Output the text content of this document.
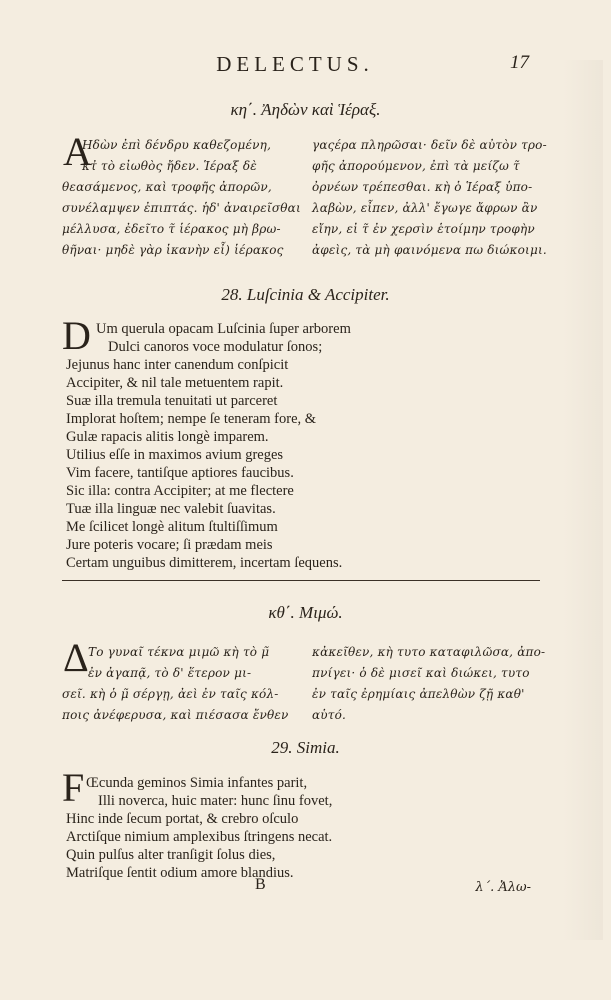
DELECTUS.	17
κη΄. Ἀηδὼν καὶ Ἱέραξ.
Α
Ηδὼν ἐπὶ δένδρυ καθεζομένη,
κτ̓ τὸ εἰωθὸς ἤδεν. Ἱέραξ δὲ
θεασάμενος, καὶ τροφῆς ἀπορῶν,
συνέλαμψεν ἐπιπτάς. ἡδ' ἀναιρεῖσθαι
μέλλυσα, ἐδεῖτο τ̃ ἱέρακος μὴ βρω-
θῆναι· μηδὲ γὰρ ἱκανὴν εἶ) ἱέρακος
γαςέρα πληρῶσαι· δεῖν δὲ αὐτὸν τρο-
φῆς ἀπορούμενον, ἐπὶ τὰ μείζω τ̃
ὀρνέων τρέπεσθαι. κὴ ὁ Ἱέραξ ὑπο-
λαβὼν, εἶπεν, ἀλλ' ἔγωγε ἄφρων ἂν
εἴην, εἰ τ̃ ἐν χερσὶν ἑτοίμην τροφὴν
ἀφεὶς, τὰ μὴ φαινόμενα πω διώκοιμι.
28. Luſcinia & Accipiter.
D Um querula opacam Luſcinia ſuper arborem
Dulci canoros voce modulatur ſonos;
Jejunus hanc inter canendum conſpicit
Accipiter, & nil tale metuentem rapit.
Suæ illa tremula tenuitati ut parceret
Implorat hoſtem; nempe ſe teneram fore, &
Gulæ rapacis alitis longè imparem.
Utilius eſſe in maximos avium greges
Vim facere, tantiſque aptiores faucibus.
Sic illa: contra Accipiter; at me flectere
Tuæ illa linguæ nec valebit ſuavitas.
Me ſcilicet longè alitum ſtultiſſimum
Jure poteris vocare; ſi prædam meis
Certam unguibus dimitterem, incertam ſequens.
κθ΄. Μιμώ.
Δ Το γυναῖ τέκνα μιμῶ κὴ τὸ μ̃
ἐν ἀγαπᾷ, τὸ δ' ἕτερον μι-
σεῖ. κὴ ὁ μ̃ σέργῃ, ἀεὶ ἐν ταῖς κόλ-
ποις ἀνέφερυσα, καὶ πιέσασα ἔνθεν
κἀκεῖθεν, κὴ τυτο καταφιλῶσα, ἀπο-
πνίγει· ὁ δὲ μισεῖ καὶ διώκει, τυτο
ἐν ταῖς ἐρημίαις ἀπελθὼν ζῇ καθ'
αὑτό.
29. Simia.
F Œcunda geminos Simia infantes parit,
Illi noverca, huic mater: hunc ſinu fovet,
Hinc inde ſecum portat, & crebro oſculo
Arctiſque nimium amplexibus ſtringens necat.
Quin pulſus alter tranſigit ſolus dies,
Matriſque ſentit odium amore blandius.
B	λ΄. Ἀλω-
